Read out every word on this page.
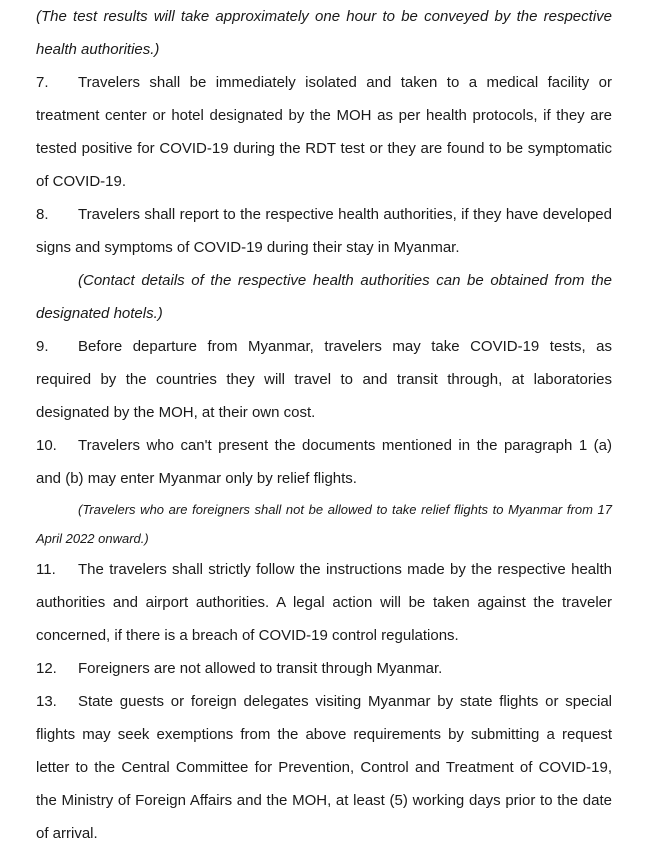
(The test results will take approximately one hour to be conveyed by the respective health authorities.)

7. Travelers shall be immediately isolated and taken to a medical facility or treatment center or hotel designated by the MOH as per health protocols, if they are tested positive for COVID-19 during the RDT test or they are found to be symptomatic of COVID-19.

8. Travelers shall report to the respective health authorities, if they have developed signs and symptoms of COVID-19 during their stay in Myanmar.

(Contact details of the respective health authorities can be obtained from the designated hotels.)

9. Before departure from Myanmar, travelers may take COVID-19 tests, as required by the countries they will travel to and transit through, at laboratories designated by the MOH, at their own cost.

10. Travelers who can't present the documents mentioned in the paragraph 1 (a) and (b) may enter Myanmar only by relief flights.

(Travelers who are foreigners shall not be allowed to take relief flights to Myanmar from 17 April 2022 onward.)

11. The travelers shall strictly follow the instructions made by the respective health authorities and airport authorities. A legal action will be taken against the traveler concerned, if there is a breach of COVID-19 control regulations.

12. Foreigners are not allowed to transit through Myanmar.

13. State guests or foreign delegates visiting Myanmar by state flights or special flights may seek exemptions from the above requirements by submitting a request letter to the Central Committee for Prevention, Control and Treatment of COVID-19, the Ministry of Foreign Affairs and the MOH, at least (5) working days prior to the date of arrival.
